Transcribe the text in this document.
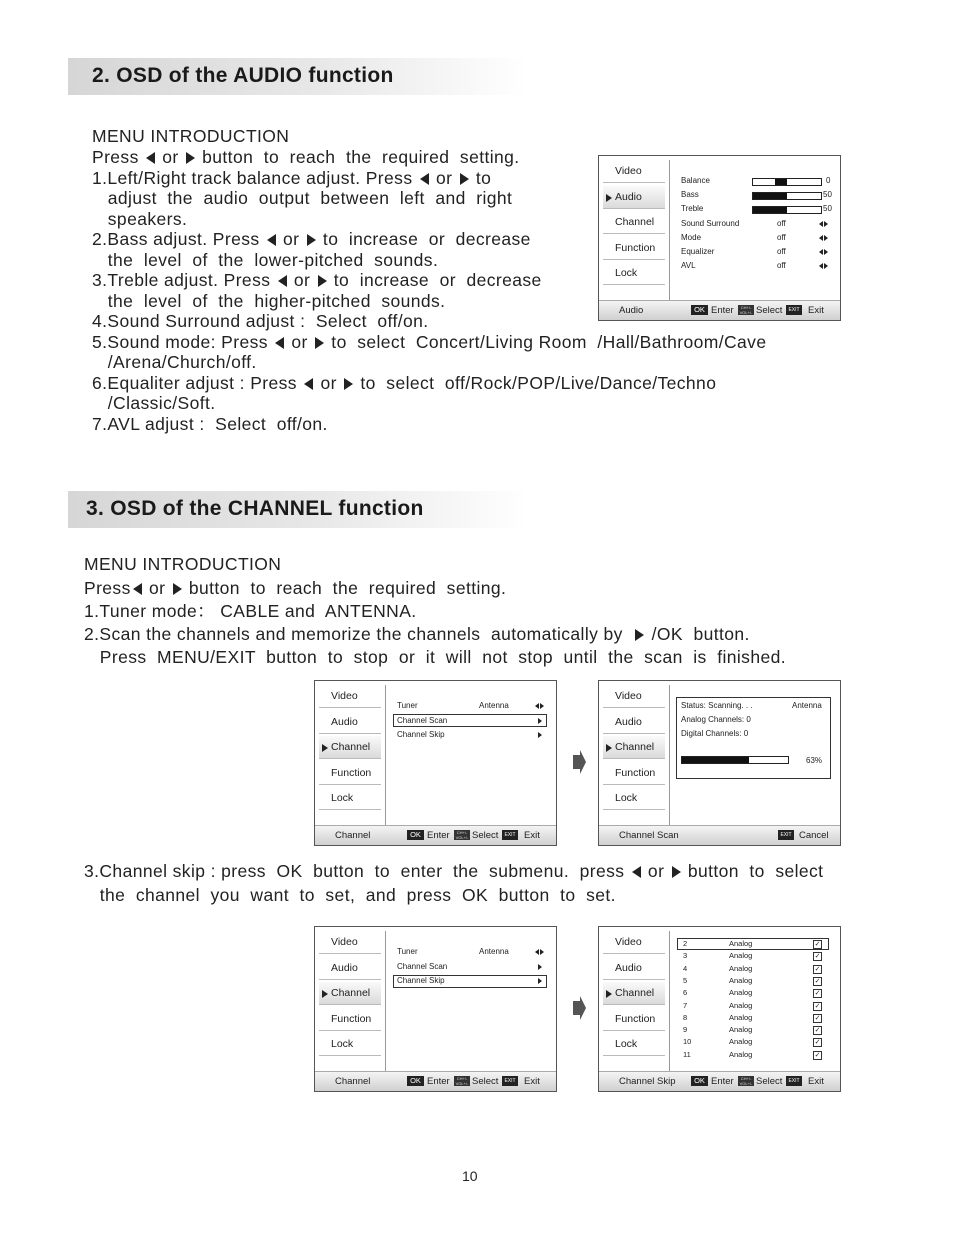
2. OSD of the AUDIO function
MENU INTRODUCTION
Press  or  button  to  reach  the  required  setting.
1.Left/Right track balance adjust. Press  or  to
adjust  the  audio  output  between  left  and  right
speakers.
2.Bass adjust. Press  or  to  increase  or  decrease
the  level  of  the  lower-pitched  sounds.
3.Treble adjust. Press  or  to  increase  or  decrease
the  level  of  the  higher-pitched  sounds.
4.Sound Surround adjust :  Select  off/on.
5.Sound mode: Press  or  to  select  Concert/Living Room  /Hall/Bathroom/Cave
/Arena/Church/off.
6.Equaliter adjust : Press  or  to  select  off/Rock/POP/Live/Dance/Techno
/Classic/Soft.
7.AVL adjust :  Select  off/on.
Video
Audio
Channel
Function
Lock
Balance	0
Bass	50
Treble	50
Sound Surround	off
Mode	off
Equalizer	off
AVL	off
Audio	OK Enter	CH+/- VOL+/- Select	EXIT Exit
3. OSD of the CHANNEL function
MENU INTRODUCTION
Press or  button  to  reach  the  required  setting.
1.Tuner mode： CABLE and  ANTENNA.
2.Scan the channels and memorize the channels  automatically by   /OK  button.
Press  MENU/EXIT  button  to  stop  or  it  will  not  stop  until  the  scan  is  finished.
Video
Audio
Channel
Function
Lock
Tuner	Antenna
Channel Scan
Channel Skip
Channel	OK Enter	CH+/- VOL+/- Select	EXIT Exit
Video
Audio
Channel
Function
Lock
Status: Scanning. . .	Antenna
Analog Channels: 0
Digital Channels: 0
63%
Channel Scan	EXIT Cancel
3.Channel skip : press  OK  button  to  enter  the  submenu.  press  or  button  to  select
the  channel  you  want  to  set,  and  press  OK  button  to  set.
Video
Audio
Channel
Function
Lock
Tuner	Antenna
Channel Scan
Channel Skip
Channel	OK Enter	CH+/- VOL+/- Select	EXIT Exit
Video
Audio
Channel
Function
Lock
2	Analog	✓
3	Analog	✓
4	Analog	✓
5	Analog	✓
6	Analog	✓
7	Analog	✓
8	Analog	✓
9	Analog	✓
10	Analog	✓
11	Analog	✓
Channel Skip	OK Enter	CH+/- VOL+/- Select	EXIT Exit
10
